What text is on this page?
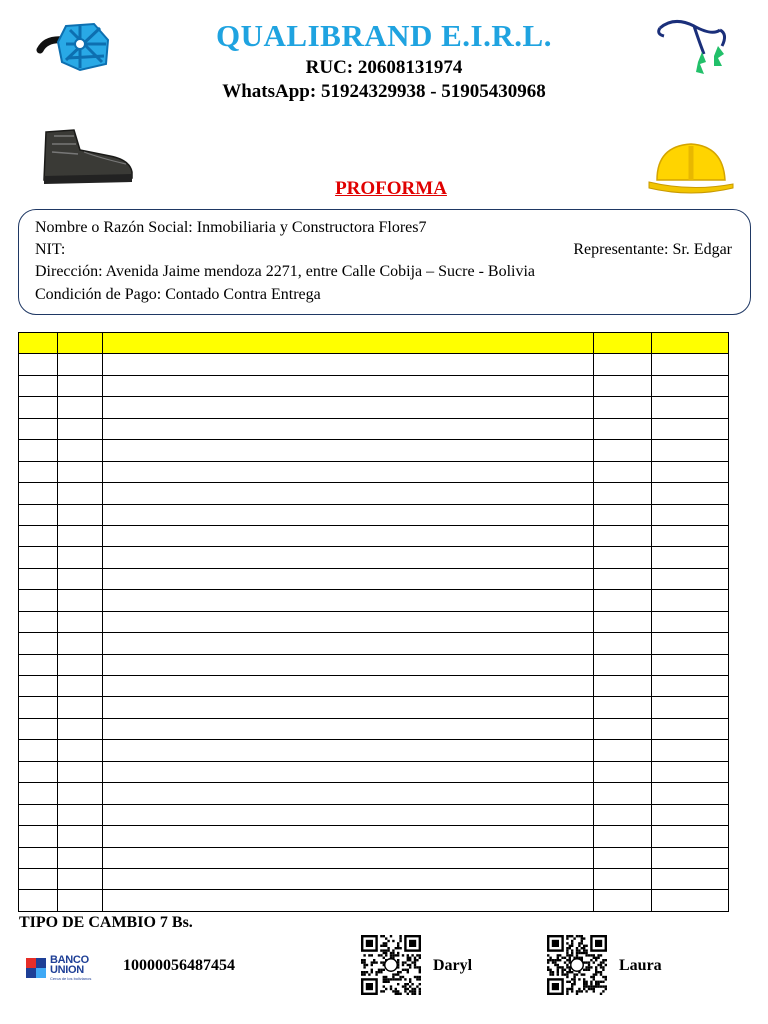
QUALIBRAND E.I.R.L.
RUC: 20608131974
WhatsApp: 51924329938 - 51905430968
PROFORMA
Nombre o Razón Social: Inmobiliaria y Constructora Flores7
NIT:	Representante: Sr. Edgar
Dirección: Avenida Jaime mendoza 2271, entre Calle Cobija – Sucre - Bolivia
Condición de Pago: Contado Contra Entrega

TIPO DE CAMBIO 7 Bs.
BANCO
UNION
Cerca de los bolivianos
10000056487454	Daryl	Laura
